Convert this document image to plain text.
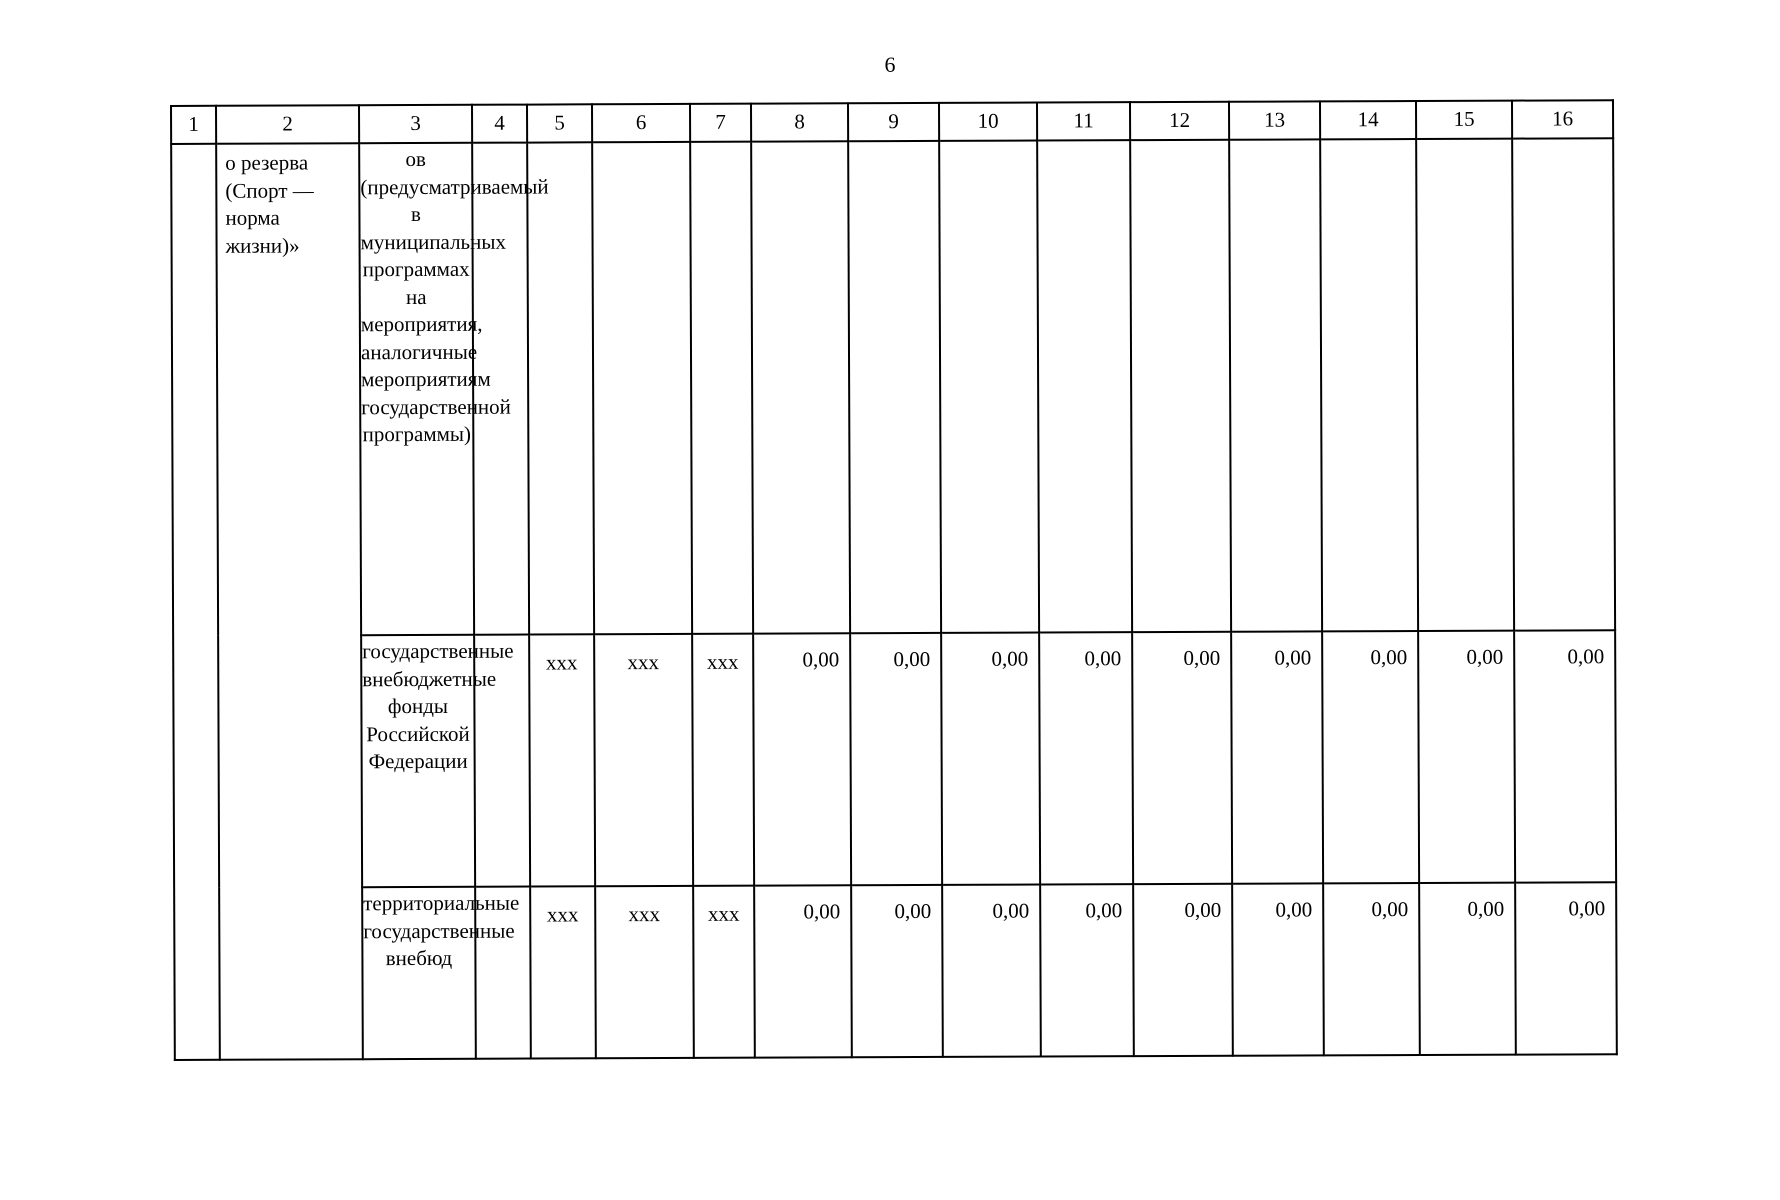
6
1	2	3	4	5	6	7	8	9	10	11	12	13	14	15	16

	о резерва (Спорт — норма жизни)»	ов (предусматриваемый в муниципальных программах на мероприятия, аналогичные мероприятиям государственной программы)													

		государственные внебюджетные фонды Российской Федерации		xxx	xxx	xxx	0,00	0,00	0,00	0,00	0,00	0,00	0,00	0,00	0,00

		территориальные государственные внебюд		xxx	xxx	xxx	0,00	0,00	0,00	0,00	0,00	0,00	0,00	0,00	0,00
